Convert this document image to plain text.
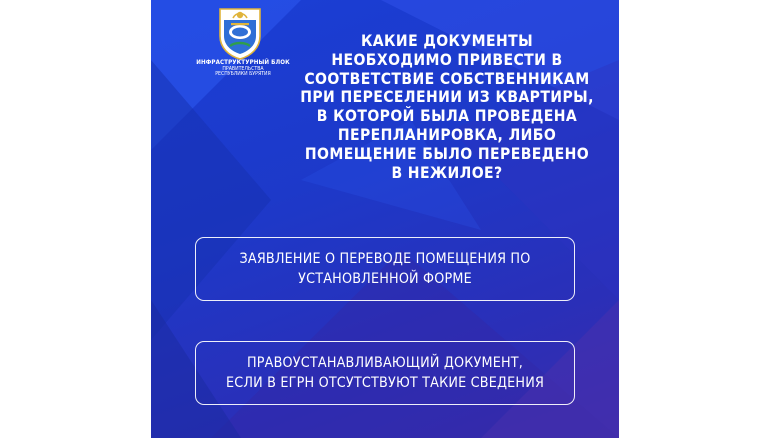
ИНФРАСТРУКТУРНЫЙ БЛОК
ПРАВИТЕЛЬСТВА
РЕСПУБЛИКИ БУРЯТИЯ
КАКИЕ ДОКУМЕНТЫ
НЕОБХОДИМО ПРИВЕСТИ В
СООТВЕТСТВИЕ СОБСТВЕННИКАМ
ПРИ ПЕРЕСЕЛЕНИИ ИЗ КВАРТИРЫ,
В КОТОРОЙ БЫЛА ПРОВЕДЕНА
ПЕРЕПЛАНИРОВКА, ЛИБО
ПОМЕЩЕНИЕ БЫЛО ПЕРЕВЕДЕНО
В НЕЖИЛОЕ?
ЗАЯВЛЕНИЕ О ПЕРЕВОДЕ ПОМЕЩЕНИЯ ПО
УСТАНОВЛЕННОЙ ФОРМЕ
ПРАВОУСТАНАВЛИВАЮЩИЙ ДОКУМЕНТ,
ЕСЛИ В ЕГРН ОТСУТСТВУЮТ ТАКИЕ СВЕДЕНИЯ
